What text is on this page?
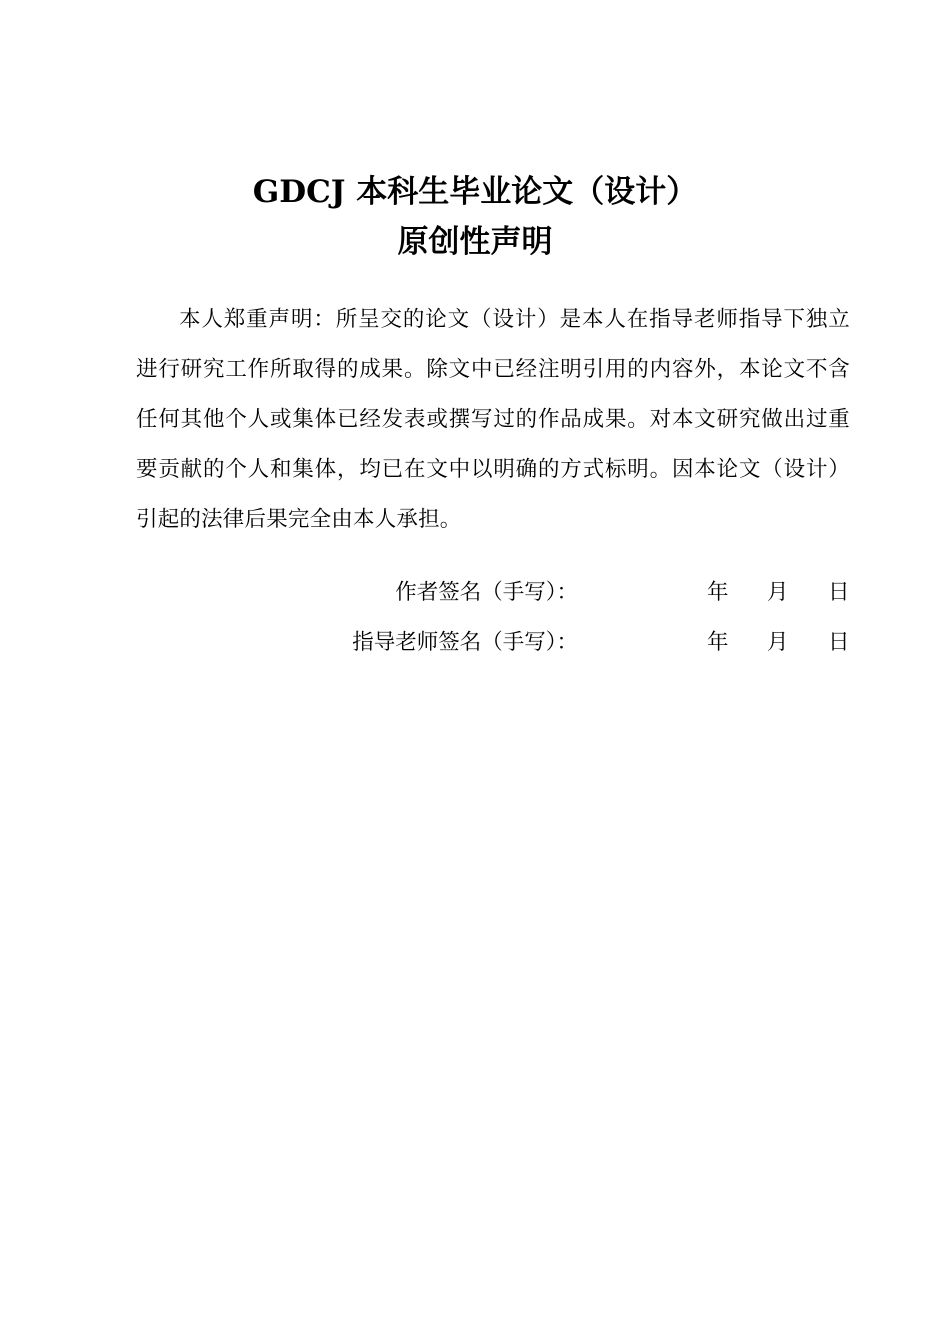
GDCJ 本科生毕业论文（设计）
原创性声明

本人郑重声明：所呈交的论文（设计）是本人在指导老师指导下独立进行研究工作所取得的成果。除文中已经注明引用的内容外，本论文不含任何其他个人或集体已经发表或撰写过的作品成果。对本文研究做出过重要贡献的个人和集体，均已在文中以明确的方式标明。因本论文（设计）引起的法律后果完全由本人承担。

作者签名（手写）：	年 月 日
指导老师签名（手写）：	年 月 日
